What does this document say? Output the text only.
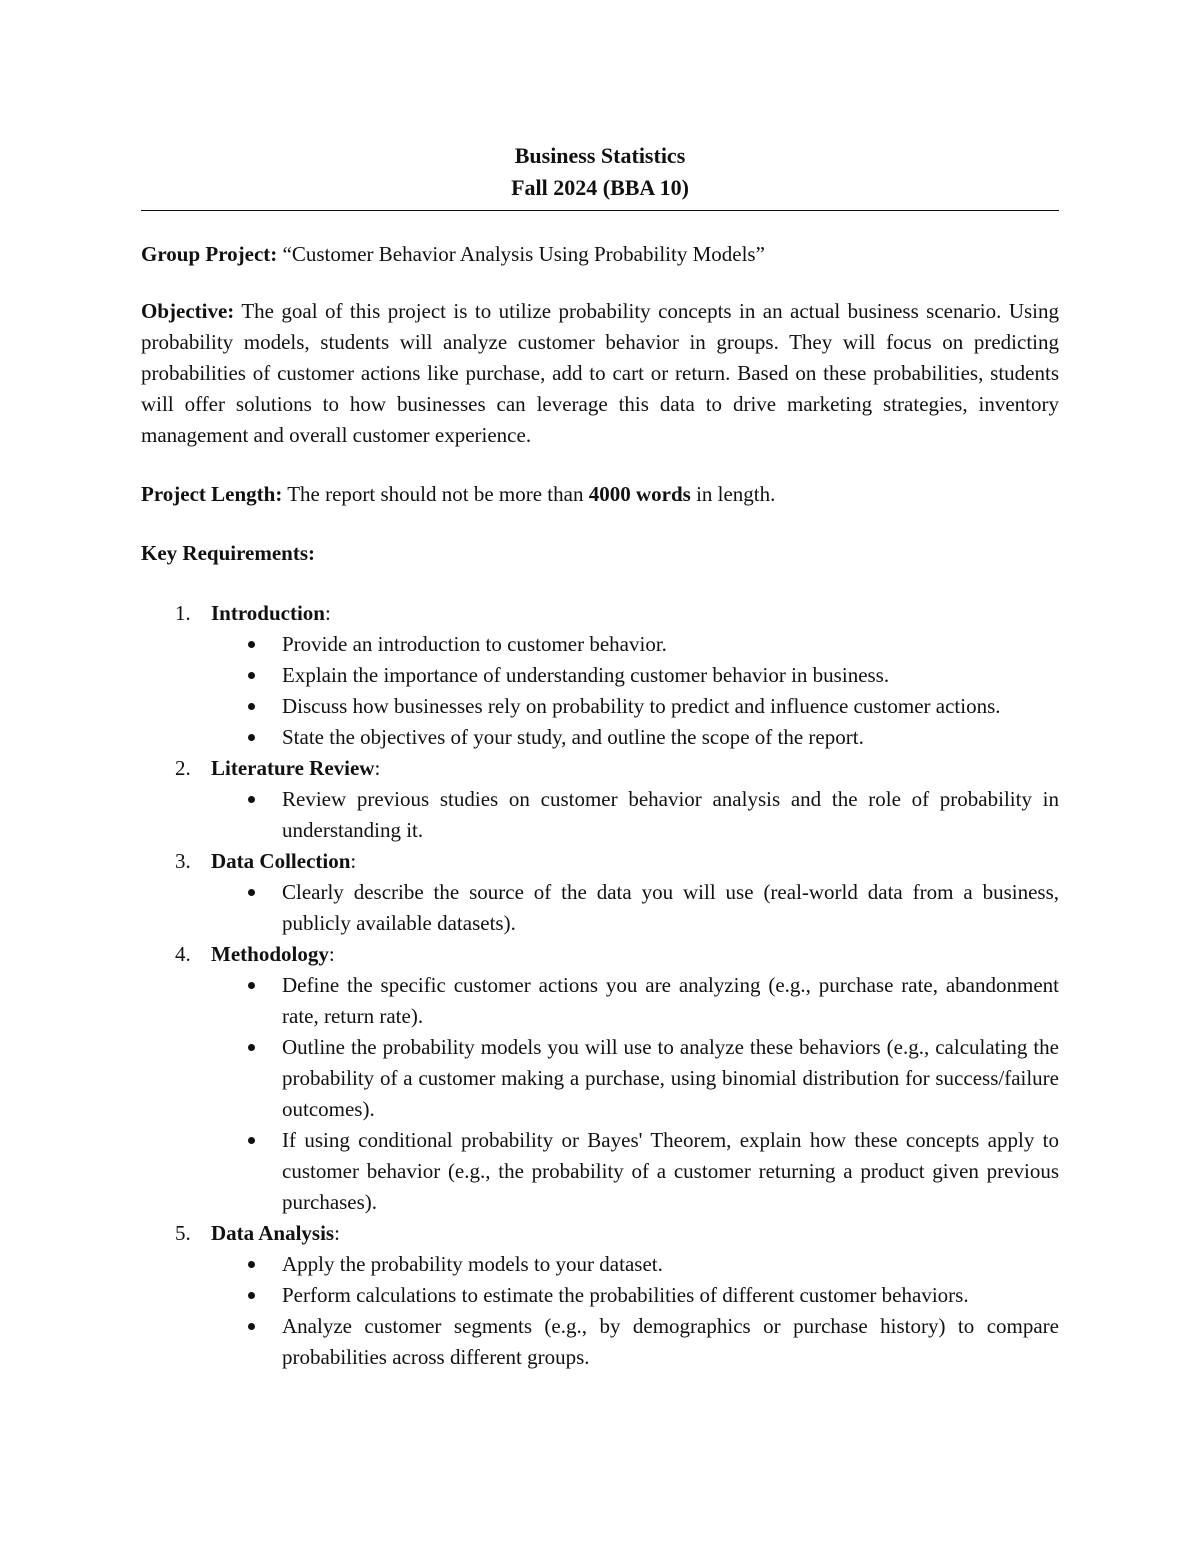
Business Statistics
Fall 2024 (BBA 10)

Group Project: “Customer Behavior Analysis Using Probability Models”

Objective: The goal of this project is to utilize probability concepts in an actual business scenario. Using probability models, students will analyze customer behavior in groups. They will focus on predicting probabilities of customer actions like purchase, add to cart or return. Based on these probabilities, students will offer solutions to how businesses can leverage this data to drive marketing strategies, inventory management and overall customer experience.

Project Length: The report should not be more than 4000 words in length.

Key Requirements:

1. Introduction:
Provide an introduction to customer behavior.
Explain the importance of understanding customer behavior in business.
Discuss how businesses rely on probability to predict and influence customer actions.
State the objectives of your study, and outline the scope of the report.
2. Literature Review:
Review previous studies on customer behavior analysis and the role of probability in understanding it.
3. Data Collection:
Clearly describe the source of the data you will use (real-world data from a business, publicly available datasets).
4. Methodology:
Define the specific customer actions you are analyzing (e.g., purchase rate, abandonment rate, return rate).
Outline the probability models you will use to analyze these behaviors (e.g., calculating the probability of a customer making a purchase, using binomial distribution for success/failure outcomes).
If using conditional probability or Bayes' Theorem, explain how these concepts apply to customer behavior (e.g., the probability of a customer returning a product given previous purchases).
5. Data Analysis:
Apply the probability models to your dataset.
Perform calculations to estimate the probabilities of different customer behaviors.
Analyze customer segments (e.g., by demographics or purchase history) to compare probabilities across different groups.
